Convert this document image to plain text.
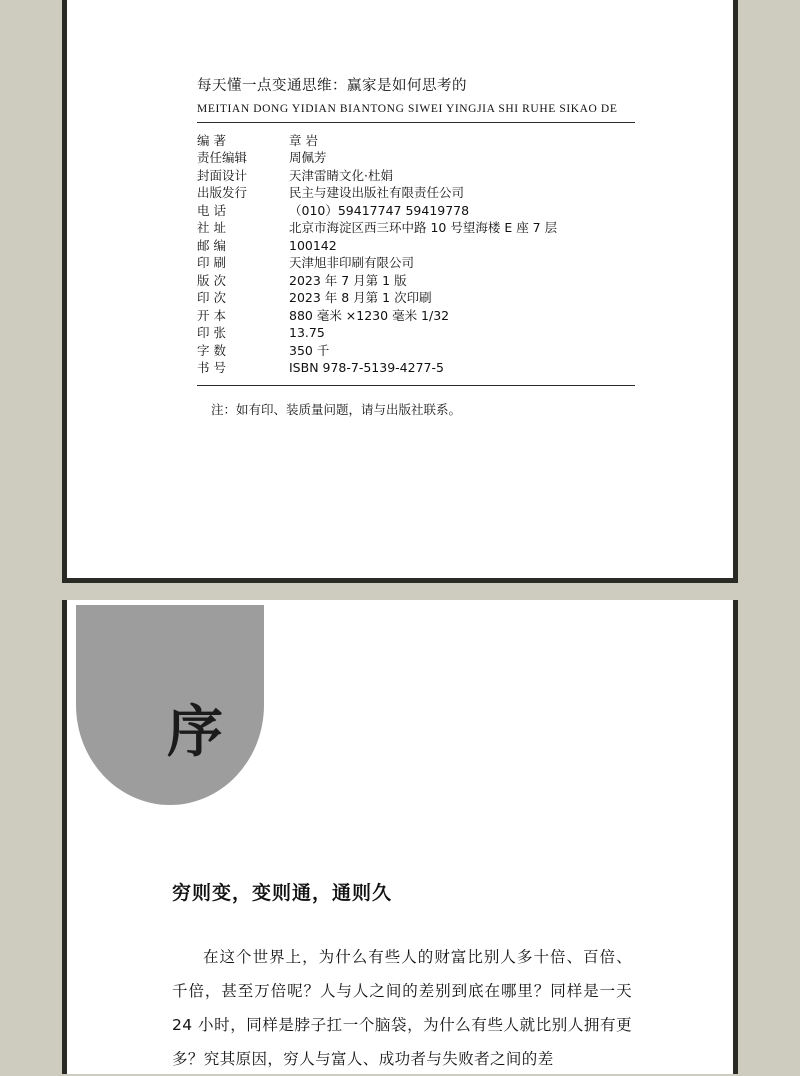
每天懂一点变通思维：赢家是如何思考的
MEITIAN DONG YIDIAN BIANTONG SIWEI YINGJIA SHI RUHE SIKAO DE
编 著	章 岩
责任编辑	周佩芳
封面设计	天津雷睛文化·杜娟
出版发行	民主与建设出版社有限责任公司
电 话	（010）59417747 59419778
社 址	北京市海淀区西三环中路 10 号望海楼 E 座 7 层
邮 编	100142
印 刷	天津旭非印刷有限公司
版 次	2023 年 7 月第 1 版
印 次	2023 年 8 月第 1 次印刷
开 本	880 毫米 ×1230 毫米 1/32
印 张	13.75
字 数	350 千
书 号	ISBN 978-7-5139-4277-5
注：如有印、装质量问题，请与出版社联系。
序
穷则变，变则通，通则久
在这个世界上，为什么有些人的财富比别人多十倍、百倍、千倍，甚至万倍呢？人与人之间的差别到底在哪里？同样是一天 24 小时，同样是脖子扛一个脑袋，为什么有些人就比别人拥有更多？究其原因，穷人与富人、成功者与失败者之间的差
